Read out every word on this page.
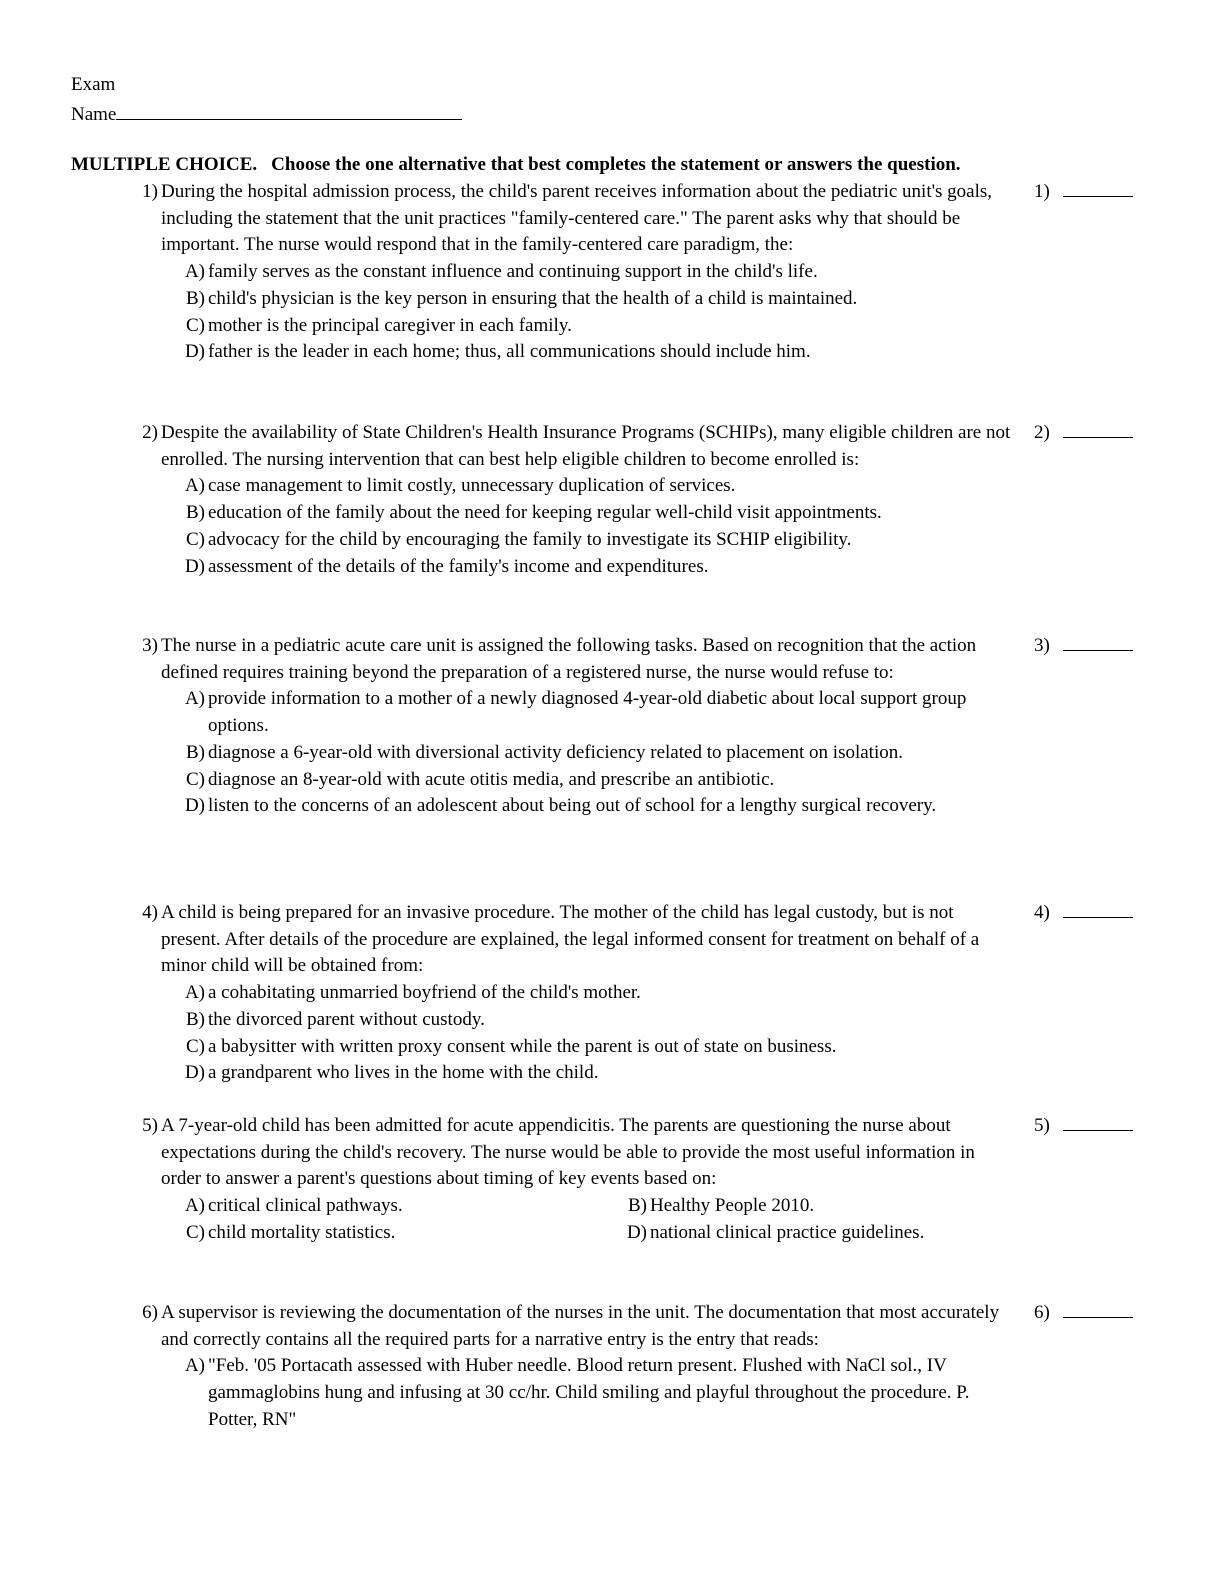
Exam
Name
MULTIPLE CHOICE. Choose the one alternative that best completes the statement or answers the question.
1) During the hospital admission process, the child's parent receives information about the pediatric unit's goals, including the statement that the unit practices "family-centered care." The parent asks why that should be important. The nurse would respond that in the family-centered care paradigm, the:
A) family serves as the constant influence and continuing support in the child's life.
B) child's physician is the key person in ensuring that the health of a child is maintained.
C) mother is the principal caregiver in each family.
D) father is the leader in each home; thus, all communications should include him.
1)
2) Despite the availability of State Children's Health Insurance Programs (SCHIPs), many eligible children are not enrolled. The nursing intervention that can best help eligible children to become enrolled is:
A) case management to limit costly, unnecessary duplication of services.
B) education of the family about the need for keeping regular well-child visit appointments.
C) advocacy for the child by encouraging the family to investigate its SCHIP eligibility.
D) assessment of the details of the family's income and expenditures.
2)
3) The nurse in a pediatric acute care unit is assigned the following tasks. Based on recognition that the action defined requires training beyond the preparation of a registered nurse, the nurse would refuse to:
A) provide information to a mother of a newly diagnosed 4-year-old diabetic about local support group options.
B) diagnose a 6-year-old with diversional activity deficiency related to placement on isolation.
C) diagnose an 8-year-old with acute otitis media, and prescribe an antibiotic.
D) listen to the concerns of an adolescent about being out of school for a lengthy surgical recovery.
3)
4) A child is being prepared for an invasive procedure. The mother of the child has legal custody, but is not present. After details of the procedure are explained, the legal informed consent for treatment on behalf of a minor child will be obtained from:
A) a cohabitating unmarried boyfriend of the child's mother.
B) the divorced parent without custody.
C) a babysitter with written proxy consent while the parent is out of state on business.
D) a grandparent who lives in the home with the child.
4)
5) A 7-year-old child has been admitted for acute appendicitis. The parents are questioning the nurse about expectations during the child's recovery. The nurse would be able to provide the most useful information in order to answer a parent's questions about timing of key events based on:
A) critical clinical pathways.	B) Healthy People 2010.
C) child mortality statistics.	D) national clinical practice guidelines.
5)
6) A supervisor is reviewing the documentation of the nurses in the unit. The documentation that most accurately and correctly contains all the required parts for a narrative entry is the entry that reads:
A) "Feb. '05 Portacath assessed with Huber needle. Blood return present. Flushed with NaCl sol., IV gammaglobins hung and infusing at 30 cc/hr. Child smiling and playful throughout the procedure. P. Potter, RN"
6)
